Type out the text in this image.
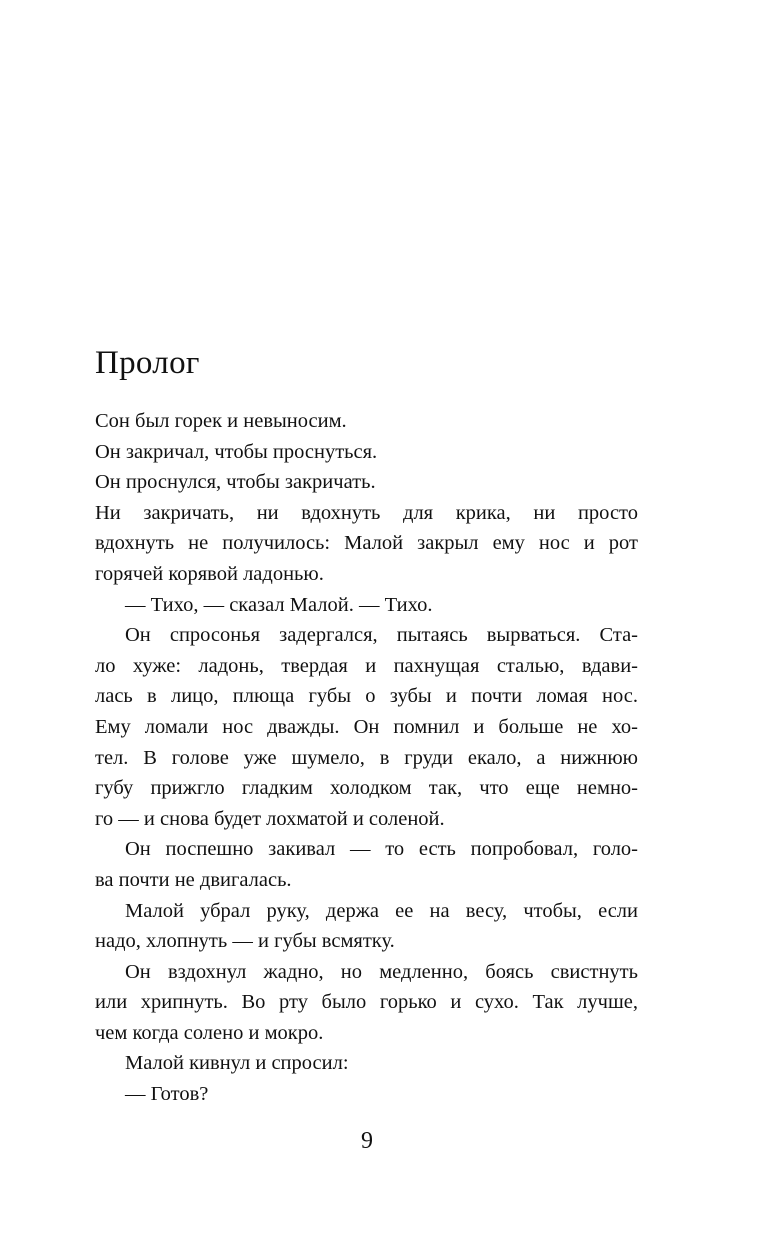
Пролог
Сон был горек и невыносим.
Он закричал, чтобы проснуться.
Он проснулся, чтобы закричать.
Ни закричать, ни вдохнуть для крика, ни просто
вдохнуть не получилось: Малой закрыл ему нос и рот
горячей корявой ладонью.
— Тихо, — сказал Малой. — Тихо.
Он спросонья задергался, пытаясь вырваться. Ста-
ло хуже: ладонь, твердая и пахнущая сталью, вдави-
лась в лицо, плюща губы о зубы и почти ломая нос.
Ему ломали нос дважды. Он помнил и больше не хо-
тел. В голове уже шумело, в груди екало, а нижнюю
губу прижгло гладким холодком так, что еще немно-
го — и снова будет лохматой и соленой.
Он поспешно закивал — то есть попробовал, голо-
ва почти не двигалась.
Малой убрал руку, держа ее на весу, чтобы, если
надо, хлопнуть — и губы всмятку.
Он вздохнул жадно, но медленно, боясь свистнуть
или хрипнуть. Во рту было горько и сухо. Так лучше,
чем когда солено и мокро.
Малой кивнул и спросил:
— Готов?
9
